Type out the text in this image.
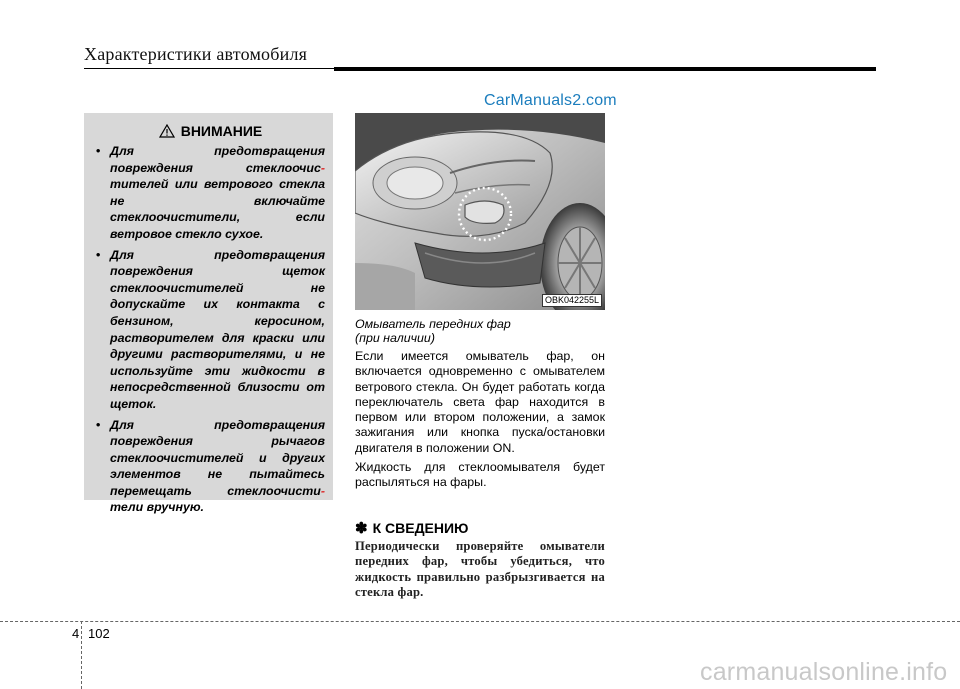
Характеристики автомобиля
CarManuals2.com
ВНИМАНИЕ
• Для предотвращения повреждения стеклоочис- тителей или ветрового стекла не включайте стеклоочистители, если ветровое стекло сухое.
• Для предотвращения повреждения щеток стеклоочистителей не допускайте их контакта с бензином, керосином, растворителем для краски или другими растворителями, и не используйте эти жидкости в непосредственной близости от щеток.
• Для предотвращения повреждения рычагов стеклоочистителей и других элементов не пытайтесь перемещать стеклоочисти- тели вручную.
OBK042255L

Омыватель передних фар
(при наличии)

Если имеется омыватель фар, он включается одновременно с омывателем ветрового стекла. Он будет работать когда переключатель света фар находится в первом или втором положении, а замок зажигания или кнопка пуска/остановки двигателя в положении ON.

Жидкость для стеклоомывателя будет распыляться на фары.

✽ К СВЕДЕНИЮ
Периодически проверяйте омыватели передних фар, чтобы убедиться, что жидкость правильно разбрызгивается на стекла фар.
4 102
carmanualsonline.info
